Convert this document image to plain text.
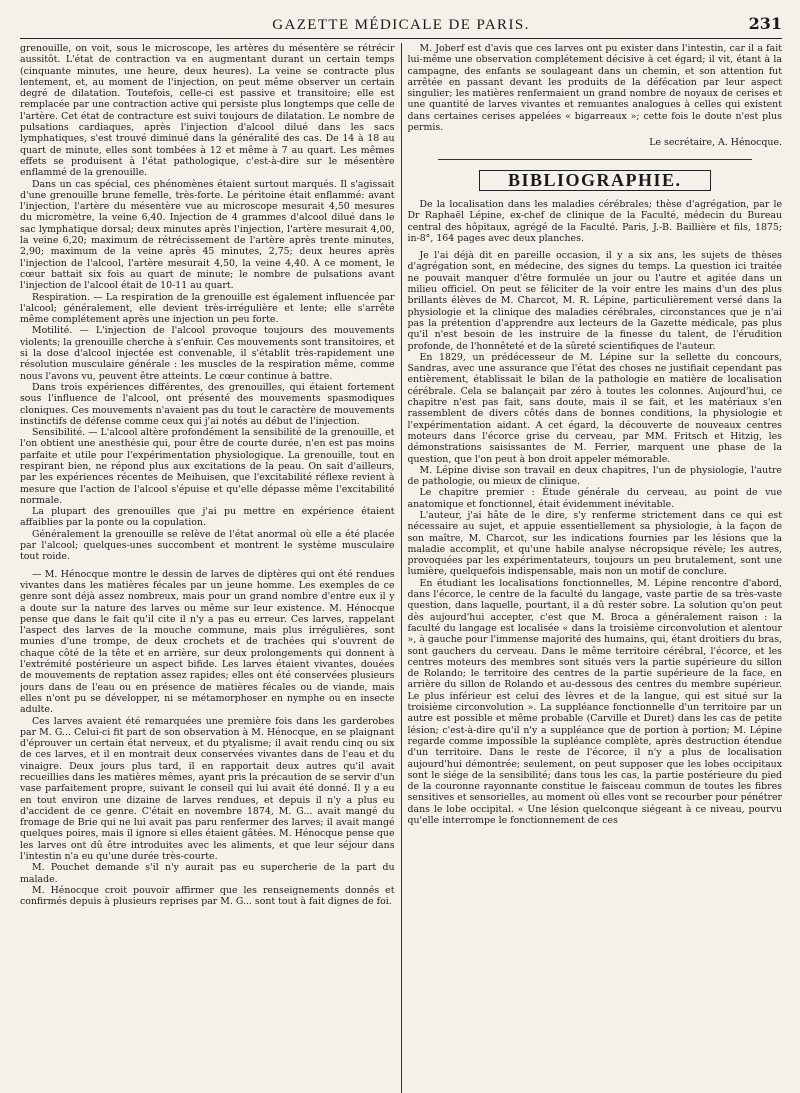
GAZETTE MÉDICALE DE PARIS.	231

grenouille, on voit, sous le microscope, les artères du mésentère se rétrécir aussitôt. L'état de contraction va en augmentant durant un certain temps (cinquante minutes, une heure, deux heures). La veine se contracte plus lentement, et, au moment de l'injection, on peut même observer un certain degré de dilatation. Toutefois, celle-ci est passive et transitoire; elle est remplacée par une contraction active qui persiste plus longtemps que celle de l'artère. Cet état de contracture est suivi toujours de dilatation. Le nombre de pulsations cardiaques, après l'injection d'alcool dilué dans les sacs lymphatiques, s'est trouvé diminué dans la généralité des cas. De 14 à 18 au quart de minute, elles sont tombées à 12 et même à 7 au quart. Les mêmes effets se produisent à l'état pathologique, c'est-à-dire sur le mésentère enflammé de la grenouille.

Dans un cas spécial, ces phénomènes étaient surtout marqués. Il s'agissait d'une grenouille brune femelle, très-forte. Le péritoine était enflammé: avant l'injection, l'artère du mésentère vue au microscope mesurait 4,50 mesures du micromètre, la veine 6,40. Injection de 4 grammes d'alcool dilué dans le sac lymphatique dorsal; deux minutes après l'injection, l'artère mesurait 4,00, la veine 6,20; maximum de rétrécissement de l'artère après trente minutes, 2,90; maximum de la veine après 45 minutes, 2,75; deux heures après l'injection de l'alcool, l'artère mesurait 4,50, la veine 4,40. A ce moment, le cœur battait six fois au quart de minute; le nombre de pulsations avant l'injection de l'alcool était de 10-11 au quart.

Respiration. — La respiration de la grenouille est également influencée par l'alcool; généralement, elle devient très-irrégulière et lente; elle s'arrête même complétement après une injection un peu forte.

Motilité. — L'injection de l'alcool provoque toujours des mouvements violents; la grenouille cherche à s'enfuir. Ces mouvements sont transitoires, et si la dose d'alcool injectée est convenable, il s'établit très-rapidement une résolution musculaire générale : les muscles de la respiration même, comme nous l'avons vu, peuvent être atteints. Le cœur continue à battre.

Dans trois expériences différentes, des grenouilles, qui étaient fortement sous l'influence de l'alcool, ont présenté des mouvements spasmodiques cloniques. Ces mouvements n'avaient pas du tout le caractère de mouvements instinctifs de défense comme ceux qui j'ai notés au début de l'injection.

Sensibilité. — L'alcool altère profondément la sensibilité de la grenouille, et l'on obtient une anesthésie qui, pour être de courte durée, n'en est pas moins parfaite et utile pour l'expérimentation physiologique. La grenouille, tout en respirant bien, ne répond plus aux excitations de la peau. On sait d'ailleurs, par les expériences récentes de Meihuisen, que l'excitabilité réflexe revient à mesure que l'action de l'alcool s'épuise et qu'elle dépasse même l'excitabilité normale.

La plupart des grenouilles que j'ai pu mettre en expérience étaient affaiblies par la ponte ou la copulation.

Généralement la grenouille se relève de l'état anormal où elle a été placée par l'alcool; quelques-unes succombent et montrent le système musculaire tout roide.

— M. Hénocque montre le dessin de larves de diptères qui ont été rendues vivantes dans les matières fécales par un jeune homme. Les exemples de ce genre sont déjà assez nombreux, mais pour un grand nombre d'entre eux il y a doute sur la nature des larves ou même sur leur existence. M. Hénocque pense que dans le fait qu'il cite il n'y a pas eu erreur. Ces larves, rappelant l'aspect des larves de la mouche commune, mais plus irrégulières, sont munies d'une trompe, de deux crochets et de trachées qui s'ouvrent de chaque côté de la tête et en arrière, sur deux prolongements qui donnent à l'extrémité postérieure un aspect bifide. Les larves étaient vivantes, douées de mouvements de reptation assez rapides; elles ont été conservées plusieurs jours dans de l'eau ou en présence de matières fécales ou de viande, mais elles n'ont pu se développer, ni se métamorphoser en nymphe ou en insecte adulte.

Ces larves avaient été remarquées une première fois dans les garderobes par M. G... Celui-ci fit part de son observation à M. Hénocque, en se plaignant d'éprouver un certain état nerveux, et du ptyalisme; il avait rendu cinq ou six de ces larves, et il en montrait deux conservées vivantes dans de l'eau et du vinaigre. Deux jours plus tard, il en rapportait deux autres qu'il avait recueillies dans les matières mêmes, ayant pris la précaution de se servir d'un vase parfaitement propre, suivant le conseil qui lui avait été donné. Il y a eu en tout environ une dizaine de larves rendues, et depuis il n'y a plus eu d'accident de ce genre. C'était en novembre 1874, M. G... avait mangé du fromage de Brie qui ne lui avait pas paru renfermer des larves; il avait mangé quelques poires, mais il ignore si elles étaient gâtées. M. Hénocque pense que les larves ont dû être introduites avec les aliments, et que leur séjour dans l'intestin n'a eu qu'une durée très-courte.

M. Pouchet demande s'il n'y aurait pas eu supercherie de la part du malade.

M. Hénocque croit pouvoir affirmer que les renseignements donnés et confirmés depuis à plusieurs reprises par M. G... sont tout à fait dignes de foi.

M. Joberf est d'avis que ces larves ont pu exister dans l'intestin, car il a fait lui-même une observation complétement décisive à cet égard; il vit, étant à la campagne, des enfants se soulageant dans un chemin, et son attention fut arrêtée en passant devant les produits de la défécation par leur aspect singulier; les matières renfermaient un grand nombre de noyaux de cerises et une quantité de larves vivantes et remuantes analogues à celles qui existent dans certaines cerises appelées « bigarreaux »; cette fois le doute n'est plus permis.

Le secrétaire, A. Hénocque.
BIBLIOGRAPHIE.

De la localisation dans les maladies cérébrales; thèse d'agrégation, par le Dr Raphaël Lépine, ex-chef de clinique de la Faculté, médecin du Bureau central des hôpitaux, agrégé de la Faculté. Paris, J.-B. Baillière et fils, 1875; in-8°, 164 pages avec deux planches.

Je l'ai déjà dit en pareille occasion, il y a six ans, les sujets de thèses d'agrégation sont, en médecine, des signes du temps. La question ici traitée ne pouvait manquer d'être formulée un jour ou l'autre et agitée dans un milieu officiel. On peut se féliciter de la voir entre les mains d'un des plus brillants élèves de M. Charcot, M. R. Lépine, particulièrement versé dans la physiologie et la clinique des maladies cérébrales, circonstances que je n'ai pas la prétention d'apprendre aux lecteurs de la Gazette médicale, pas plus qu'il n'est besoin de les instruire de la finesse du talent, de l'érudition profonde, de l'honnêteté et de la sûreté scientifiques de l'auteur.

En 1829, un prédécesseur de M. Lépine sur la sellette du concours, Sandras, avec une assurance que l'état des choses ne justifiait cependant pas entièrement, établissait le bilan de la pathologie en matière de localisation cérébrale. Cela se balançait par zéro à toutes les colonnes. Aujourd'hui, ce chapitre n'est pas fait, sans doute, mais il se fait, et les matériaux s'en rassemblent de divers côtés dans de bonnes conditions, la physiologie et l'expérimentation aidant. A cet égard, la découverte de nouveaux centres moteurs dans l'écorce grise du cerveau, par MM. Fritsch et Hitzig, les démonstrations saisissantes de M. Ferrier, marquent une phase de la question, que l'on peut à bon droit appeler mémorable.

M. Lépine divise son travail en deux chapitres, l'un de physiologie, l'autre de pathologie, ou mieux de clinique.

Le chapitre premier : Étude générale du cerveau, au point de vue anatomique et fonctionnel, était évidemment inévitable.

L'auteur, j'ai hâte de le dire, s'y renferme strictement dans ce qui est nécessaire au sujet, et appuie essentiellement sa physiologie, à la façon de son maître, M. Charcot, sur les indications fournies par les lésions que la maladie accomplit, et qu'une habile analyse nécropsique révèle; les autres, provoquées par les expérimentateurs, toujours un peu brutalement, sont une lumière, quelquefois indispensable, mais non un motif de conclure.

En étudiant les localisations fonctionnelles, M. Lépine rencontre d'abord, dans l'écorce, le centre de la faculté du langage, vaste partie de sa très-vaste question, dans laquelle, pourtant, il a dû rester sobre. La solution qu'on peut dès aujourd'hui accepter, c'est que M. Broca a généralement raison : la faculté du langage est localisée « dans la troisième circonvolution et alentour », à gauche pour l'immense majorité des humains, qui, étant droitiers du bras, sont gauchers du cerveau. Dans le même territoire cérébral, l'écorce, et les centres moteurs des membres sont situés vers la partie supérieure du sillon de Rolando; le territoire des centres de la partie supérieure de la face, en arrière du sillon de Rolando et au-dessous des centres du membre supérieur. Le plus inférieur est celui des lèvres et de la langue, qui est situé sur la troisième circonvolution ». La suppléance fonctionnelle d'un territoire par un autre est possible et même probable (Carville et Duret) dans les cas de petite lésion; c'est-à-dire qu'il n'y a suppléance que de portion à portion; M. Lépine regarde comme impossible la supléance complète, après destruction étendue d'un territoire. Dans le reste de l'écorce, il n'y a plus de localisation aujourd'hui démontrée; seulement, on peut supposer que les lobes occipitaux sont le siége de la sensibilité; dans tous les cas, la partie postérieure du pied de la couronne rayonnante constitue le faisceau commun de toutes les fibres sensitives et sensorielles, au moment où elles vont se recourber pour pénétrer dans le lobe occipital. « Une lésion quelconque siégeant à ce niveau, pourvu qu'elle interrompe le fonctionnement de ces
